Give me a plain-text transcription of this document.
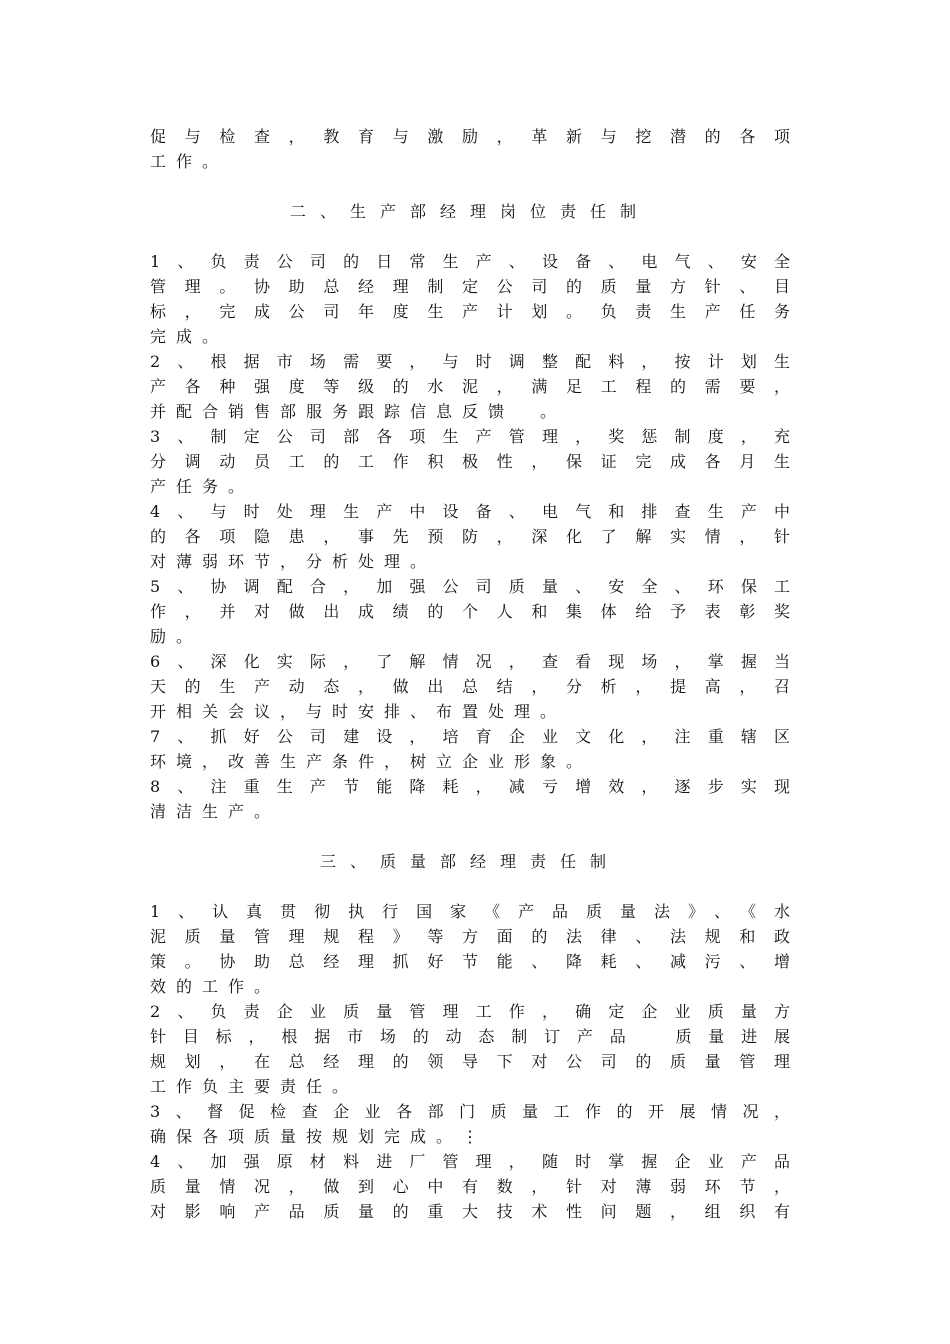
促与检查，教育与激励，革新与挖潜的各项
工作。
二、生产部经理岗位责任制
1、负责公司的日常生产、设备、电气、安全
管理。协助总经理制定公司的质量方针、目
标，完成公司年度生产计划。负责生产任务
完成。
2、根据市场需要，与时调整配料，按计划生
产各种强度等级的水泥，满足工程的需要，
并配合销售部服务跟踪信息反馈　。
3、制定公司部各项生产管理，奖惩制度，充
分调动员工的工作积极性，保证完成各月生
产任务。
4、与时处理生产中设备、电气和排查生产中
的各项隐患，事先预防，深化了解实情，针
对薄弱环节，分析处理。
5、协调配合，加强公司质量、安全、环保工
作，并对做出成绩的个人和集体给予表彰奖
励。
6、深化实际，了解情况，查看现场，掌握当
天的生产动态，做出总结，分析，提高，召
开相关会议，与时安排、布置处理。
7、抓好公司建设，培育企业文化，注重辖区
环境，改善生产条件，树立企业形象。
8、注重生产节能降耗，减亏增效，逐步实现
清洁生产。
三、质量部经理责任制
1、认真贯彻执行国家《产品质量法》、《水
泥质量管理规程》等方面的法律、法规和政
策。协助总经理抓好节能、降耗、减污、增
效的工作。
2、负责企业质量管理工作，确定企业质量方
针目标，根据市场的动态制订产品　质量进展
规划，在总经理的领导下对公司的质量管理
工作负主要责任。
3、督促检查企业各部门质量工作的开展情况，
确保各项质量按规划完成。⋮
4、加强原材料进厂管理，随时掌握企业产品
质量情况，做到心中有数，针对薄弱环节，
对影响产品质量的重大技术性问题，组织有
